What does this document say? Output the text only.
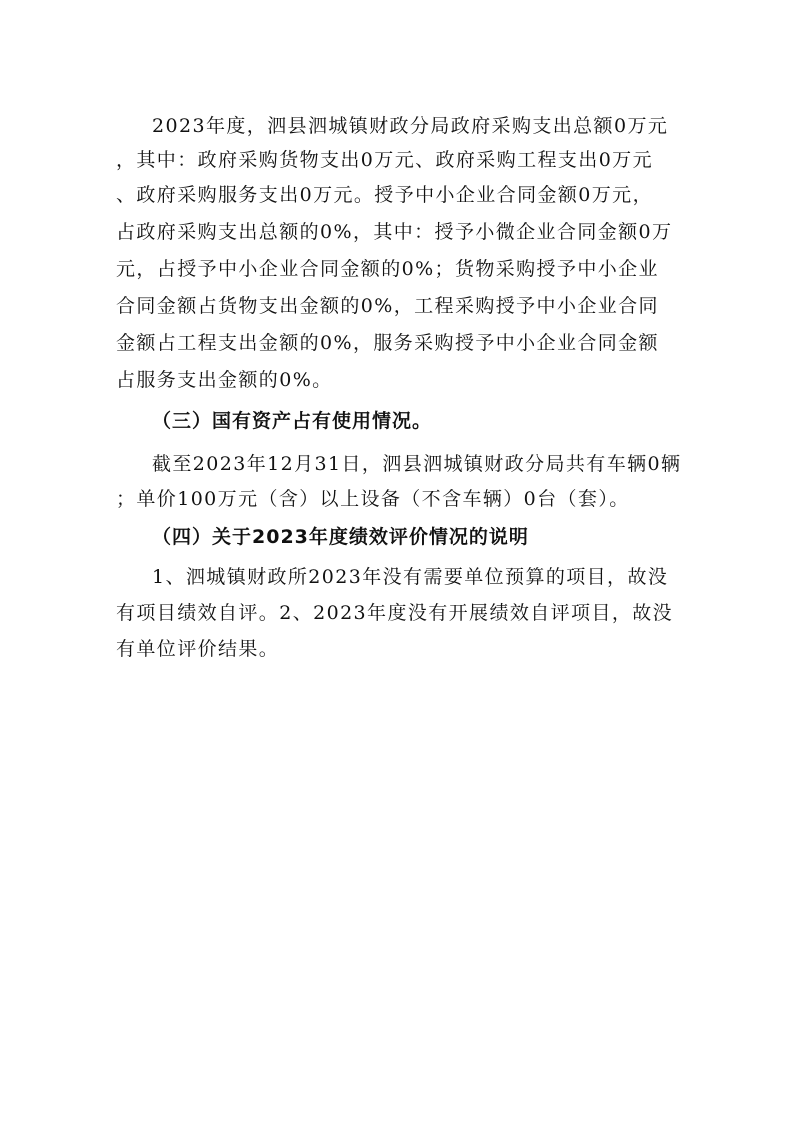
2023年度，泗县泗城镇财政分局政府采购支出总额0万元
，其中：政府采购货物支出0万元、政府采购工程支出0万元
、政府采购服务支出0万元。授予中小企业合同金额0万元，
占政府采购支出总额的0%，其中：授予小微企业合同金额0万
元，占授予中小企业合同金额的0%；货物采购授予中小企业
合同金额占货物支出金额的0%，工程采购授予中小企业合同
金额占工程支出金额的0%，服务采购授予中小企业合同金额
占服务支出金额的0%。
（三）国有资产占有使用情况。
截至2023年12月31日，泗县泗城镇财政分局共有车辆0辆
；单价100万元（含）以上设备（不含车辆）0台（套）。
（四）关于2023年度绩效评价情况的说明
1、泗城镇财政所2023年没有需要单位预算的项目，故没
有项目绩效自评。2、2023年度没有开展绩效自评项目，故没
有单位评价结果。
